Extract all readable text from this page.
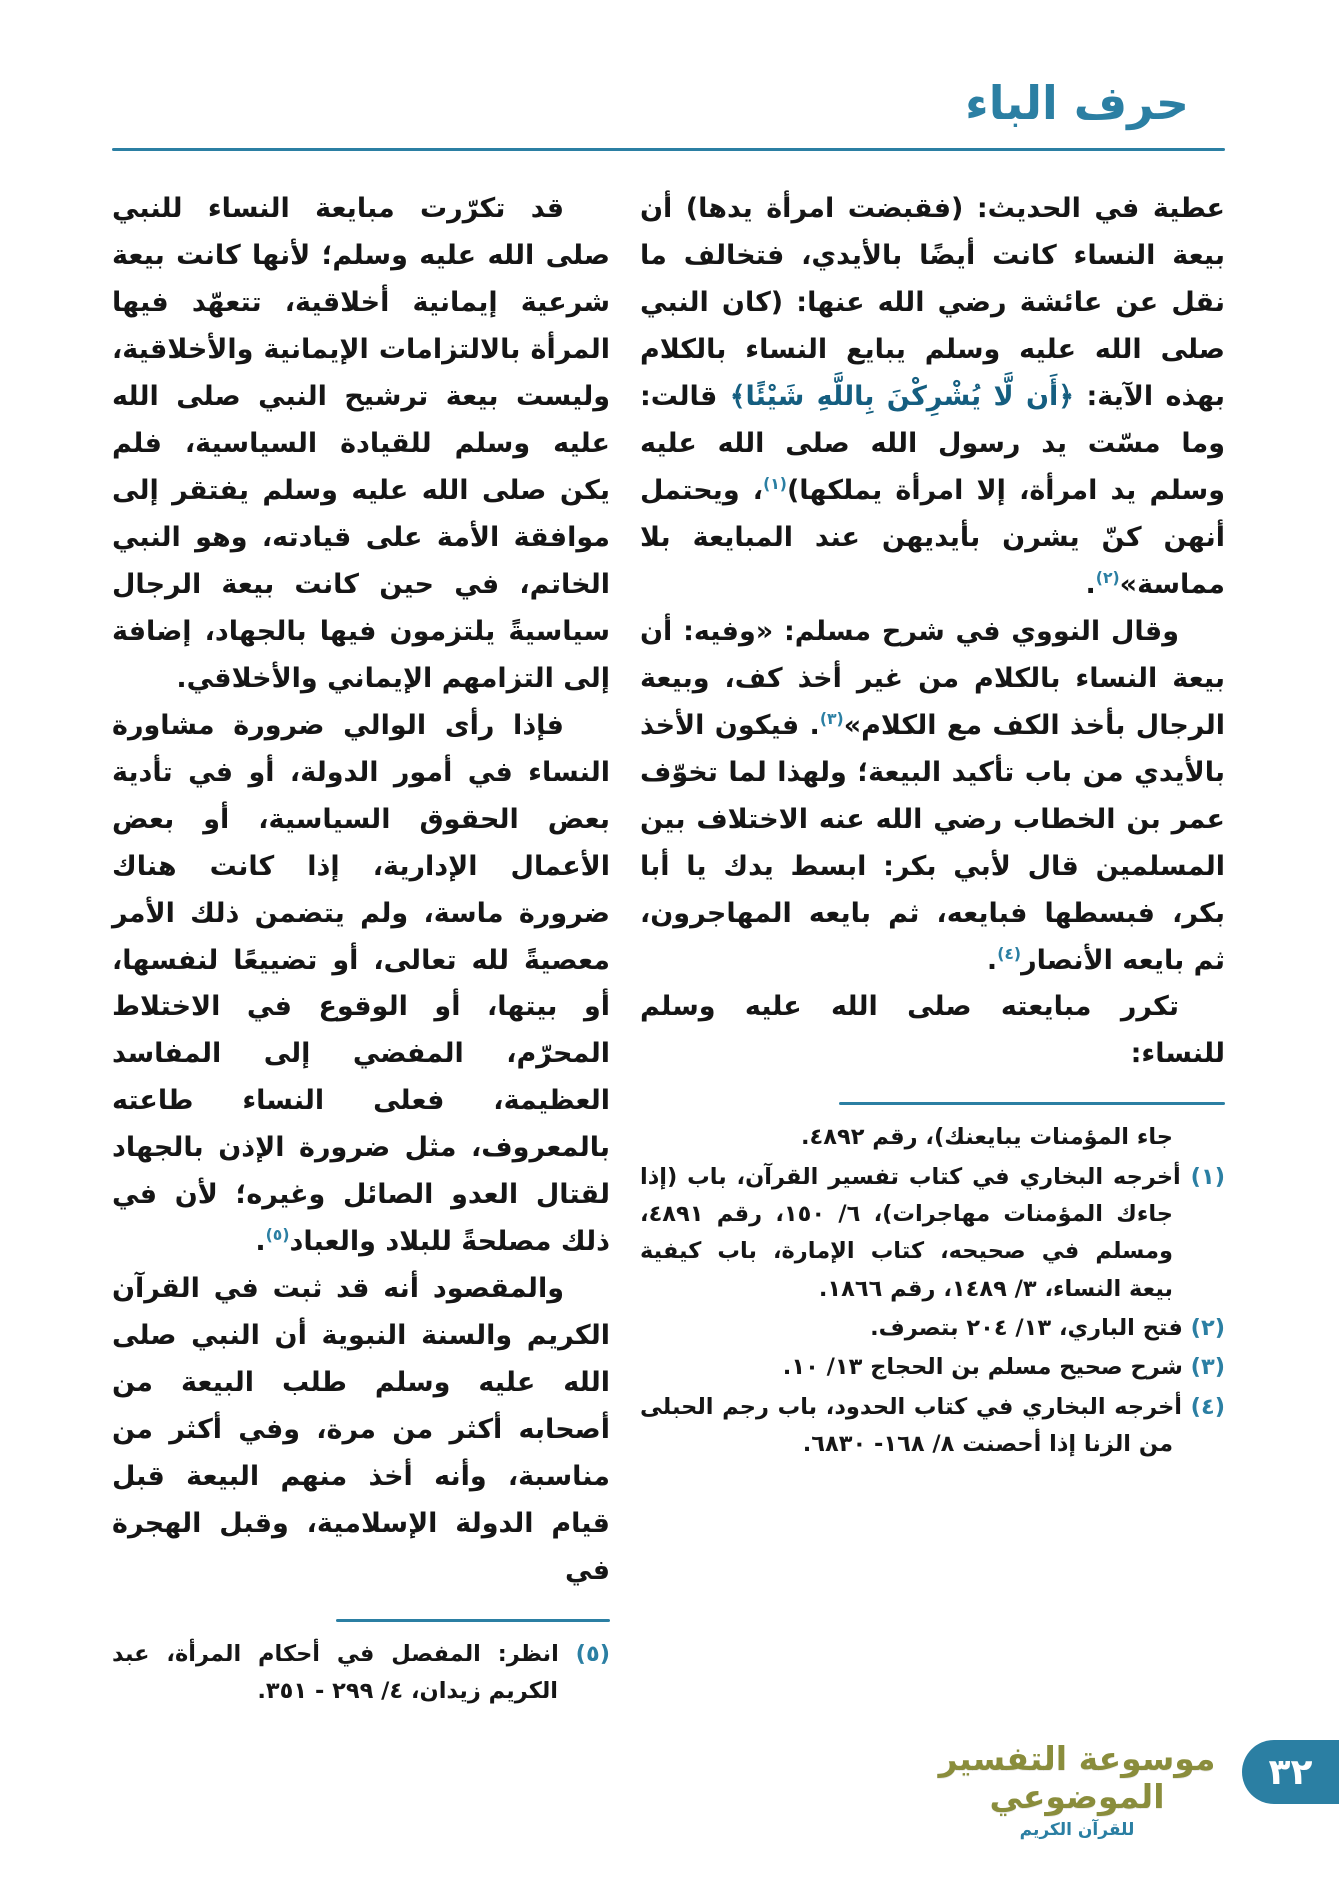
حرف الباء

عطية في الحديث: (فقبضت امرأة يدها) أن بيعة النساء كانت أيضًا بالأيدي، فتخالف ما نقل عن عائشة رضي الله عنها: (كان النبي صلى الله عليه وسلم يبايع النساء بالكلام بهذه الآية: ﴿أَن لَّا يُشْرِكْنَ بِاللَّهِ شَيْئًا﴾ قالت: وما مسّت يد رسول الله صلى الله عليه وسلم يد امرأة، إلا امرأة يملكها)$^{(١)}$، ويحتمل أنهن كنّ يشرن بأيديهن عند المبايعة بلا مماسة»$^{(٢)}$.

وقال النووي في شرح مسلم: «وفيه: أن بيعة النساء بالكلام من غير أخذ كف، وبيعة الرجال بأخذ الكف مع الكلام»$^{(٣)}$. فيكون الأخذ بالأيدي من باب تأكيد البيعة؛ ولهذا لما تخوّف عمر بن الخطاب رضي الله عنه الاختلاف بين المسلمين قال لأبي بكر: ابسط يدك يا أبا بكر، فبسطها فبايعه، ثم بايعه المهاجرون، ثم بايعه الأنصار$^{(٤)}$.

تكرر مبايعته صلى الله عليه وسلم للنساء:

جاء المؤمنات يبايعنك)، رقم ٤٨٩٢.
(١) أخرجه البخاري في كتاب تفسير القرآن، باب (إذا جاءك المؤمنات مهاجرات)، ٦/ ١٥٠، رقم ٤٨٩١، ومسلم في صحيحه، كتاب الإمارة، باب كيفية بيعة النساء، ٣/ ١٤٨٩، رقم ١٨٦٦.
(٢) فتح الباري، ١٣/ ٢٠٤ بتصرف.
(٣) شرح صحيح مسلم بن الحجاج ١٣/ ١٠.
(٤) أخرجه البخاري في كتاب الحدود، باب رجم الحبلى من الزنا إذا أحصنت ٨/ ١٦٨- ٦٨٣٠.

قد تكرّرت مبايعة النساء للنبي صلى الله عليه وسلم؛ لأنها كانت بيعة شرعية إيمانية أخلاقية، تتعهّد فيها المرأة بالالتزامات الإيمانية والأخلاقية، وليست بيعة ترشيح النبي صلى الله عليه وسلم للقيادة السياسية، فلم يكن صلى الله عليه وسلم يفتقر إلى موافقة الأمة على قيادته، وهو النبي الخاتم، في حين كانت بيعة الرجال سياسيةً يلتزمون فيها بالجهاد، إضافة إلى التزامهم الإيماني والأخلاقي.

فإذا رأى الوالي ضرورة مشاورة النساء في أمور الدولة، أو في تأدية بعض الحقوق السياسية، أو بعض الأعمال الإدارية، إذا كانت هناك ضرورة ماسة، ولم يتضمن ذلك الأمر معصيةً لله تعالى، أو تضييعًا لنفسها، أو بيتها، أو الوقوع في الاختلاط المحرّم، المفضي إلى المفاسد العظيمة، فعلى النساء طاعته بالمعروف، مثل ضرورة الإذن بالجهاد لقتال العدو الصائل وغيره؛ لأن في ذلك مصلحةً للبلاد والعباد$^{(٥)}$.

والمقصود أنه قد ثبت في القرآن الكريم والسنة النبوية أن النبي صلى الله عليه وسلم طلب البيعة من أصحابه أكثر من مرة، وفي أكثر من مناسبة، وأنه أخذ منهم البيعة قبل قيام الدولة الإسلامية، وقبل الهجرة في

(٥) انظر: المفصل في أحكام المرأة، عبد الكريم زيدان، ٤/ ٢٩٩ - ٣٥١.
موسوعة التفسير الموضوعي
للقرآن الكريم
٣٢
